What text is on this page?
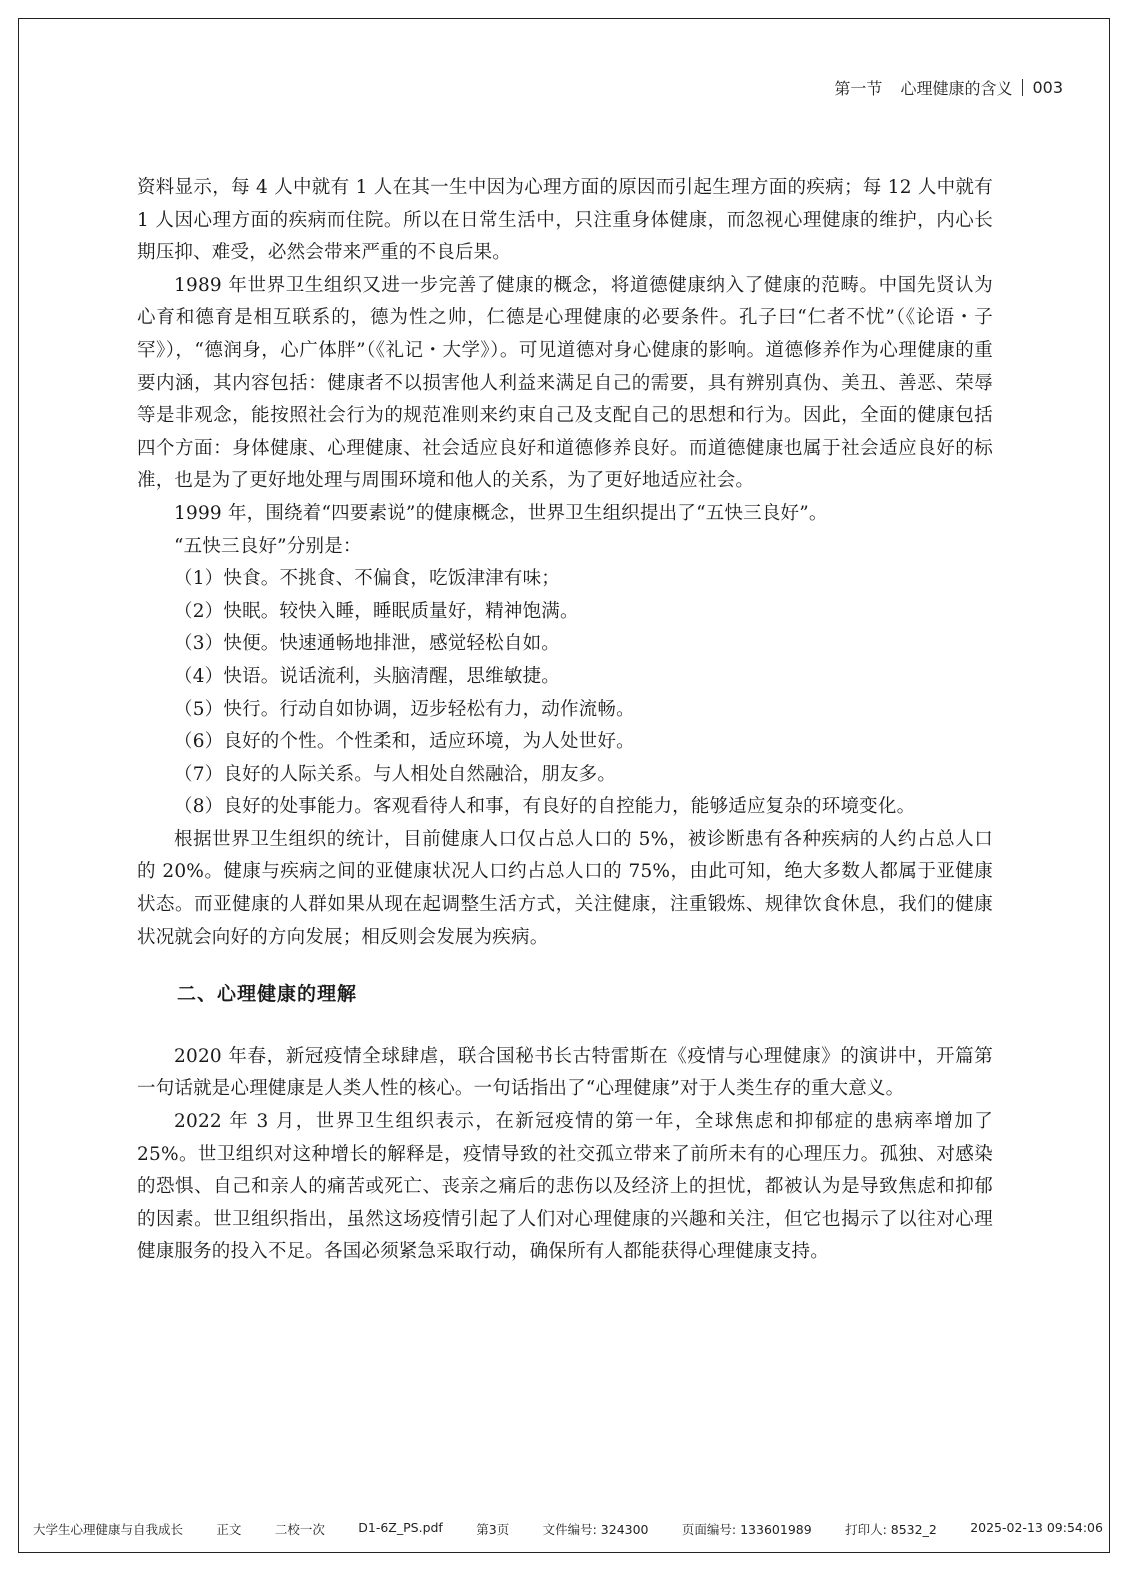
第一节 心理健康的含义 003

资料显示，每 4 人中就有 1 人在其一生中因为心理方面的原因而引起生理方面的疾病；每 12 人中就有 1 人因心理方面的疾病而住院。所以在日常生活中，只注重身体健康，而忽视心理健康的维护，内心长期压抑、难受，必然会带来严重的不良后果。

1989 年世界卫生组织又进一步完善了健康的概念，将道德健康纳入了健康的范畴。中国先贤认为心育和德育是相互联系的，德为性之帅，仁德是心理健康的必要条件。孔子曰“仁者不忧”（《论语・子罕》），“德润身，心广体胖”（《礼记・大学》）。可见道德对身心健康的影响。道德修养作为心理健康的重要内涵，其内容包括：健康者不以损害他人利益来满足自己的需要，具有辨别真伪、美丑、善恶、荣辱等是非观念，能按照社会行为的规范准则来约束自己及支配自己的思想和行为。因此，全面的健康包括四个方面：身体健康、心理健康、社会适应良好和道德修养良好。而道德健康也属于社会适应良好的标准，也是为了更好地处理与周围环境和他人的关系，为了更好地适应社会。

1999 年，围绕着“四要素说”的健康概念，世界卫生组织提出了“五快三良好”。

“五快三良好”分别是：

（1）快食。不挑食、不偏食，吃饭津津有味；

（2）快眠。较快入睡，睡眠质量好，精神饱满。

（3）快便。快速通畅地排泄，感觉轻松自如。

（4）快语。说话流利，头脑清醒，思维敏捷。

（5）快行。行动自如协调，迈步轻松有力，动作流畅。

（6）良好的个性。个性柔和，适应环境，为人处世好。

（7）良好的人际关系。与人相处自然融洽，朋友多。

（8）良好的处事能力。客观看待人和事，有良好的自控能力，能够适应复杂的环境变化。

根据世界卫生组织的统计，目前健康人口仅占总人口的 5%，被诊断患有各种疾病的人约占总人口的 20%。健康与疾病之间的亚健康状况人口约占总人口的 75%，由此可知，绝大多数人都属于亚健康状态。而亚健康的人群如果从现在起调整生活方式，关注健康，注重锻炼、规律饮食休息，我们的健康状况就会向好的方向发展；相反则会发展为疾病。

二、心理健康的理解

2020 年春，新冠疫情全球肆虐，联合国秘书长古特雷斯在《疫情与心理健康》的演讲中，开篇第一句话就是心理健康是人类人性的核心。一句话指出了“心理健康”对于人类生存的重大意义。

2022 年 3 月，世界卫生组织表示，在新冠疫情的第一年，全球焦虑和抑郁症的患病率增加了 25%。世卫组织对这种增长的解释是，疫情导致的社交孤立带来了前所未有的心理压力。孤独、对感染的恐惧、自己和亲人的痛苦或死亡、丧亲之痛后的悲伤以及经济上的担忧，都被认为是导致焦虑和抑郁的因素。世卫组织指出，虽然这场疫情引起了人们对心理健康的兴趣和关注，但它也揭示了以往对心理健康服务的投入不足。各国必须紧急采取行动，确保所有人都能获得心理健康支持。

大学生心理健康与自我成长	正文	二校一次	D1-6Z_PS.pdf	第3页	文件编号: 324300	页面编号: 133601989	打印人: 8532_2	2025-02-13 09:54:06
